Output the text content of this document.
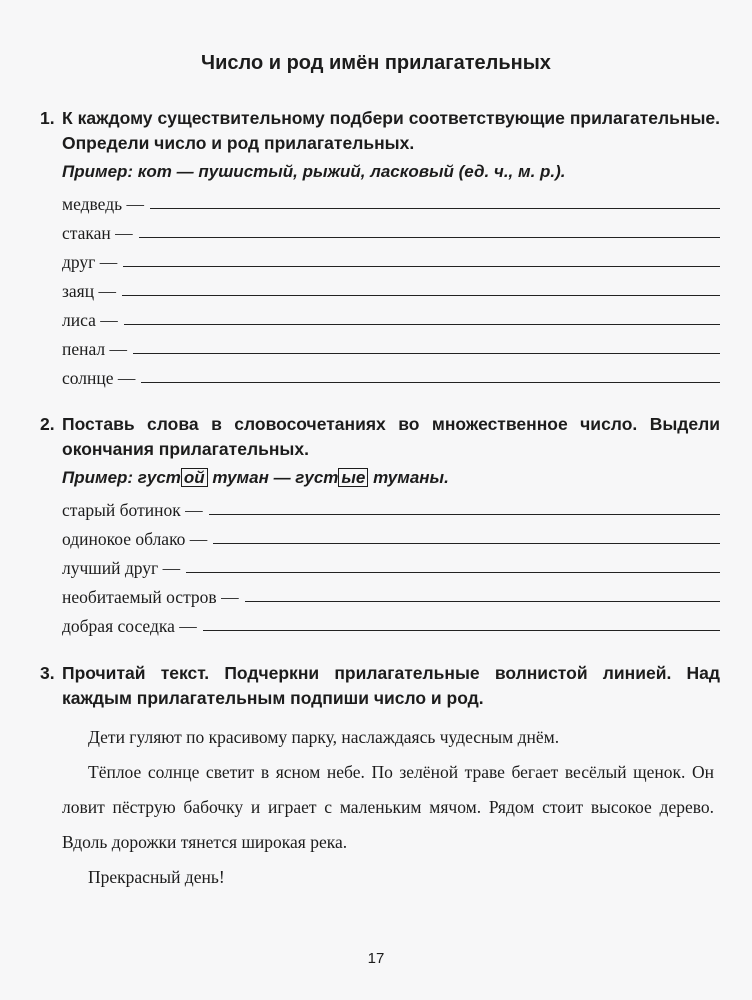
Число и род имён прилагательных
1. К каждому существительному подбери соответствующие прилагательные. Определи число и род прилагательных.
Пример: кот — пушистый, рыжий, ласковый (ед. ч., м. р.).
медведь —
стакан —
друг —
заяц —
лиса —
пенал —
солнце —
2. Поставь слова в словосочетаниях во множественное число. Выдели окончания прилагательных.
Пример: густ ой туман — густ ые туманы.
старый ботинок —
одинокое облако —
лучший друг —
необитаемый остров —
добрая соседка —
3. Прочитай текст. Подчеркни прилагательные волнистой линией. Над каждым прилагательным подпиши число и род.

Дети гуляют по красивому парку, наслаждаясь чудесным днём.

Тёплое солнце светит в ясном небе. По зелёной траве бегает весёлый щенок. Он ловит пёструю бабочку и играет с маленьким мячом. Рядом стоит высокое дерево. Вдоль дорожки тянется широкая река.

Прекрасный день!

17
